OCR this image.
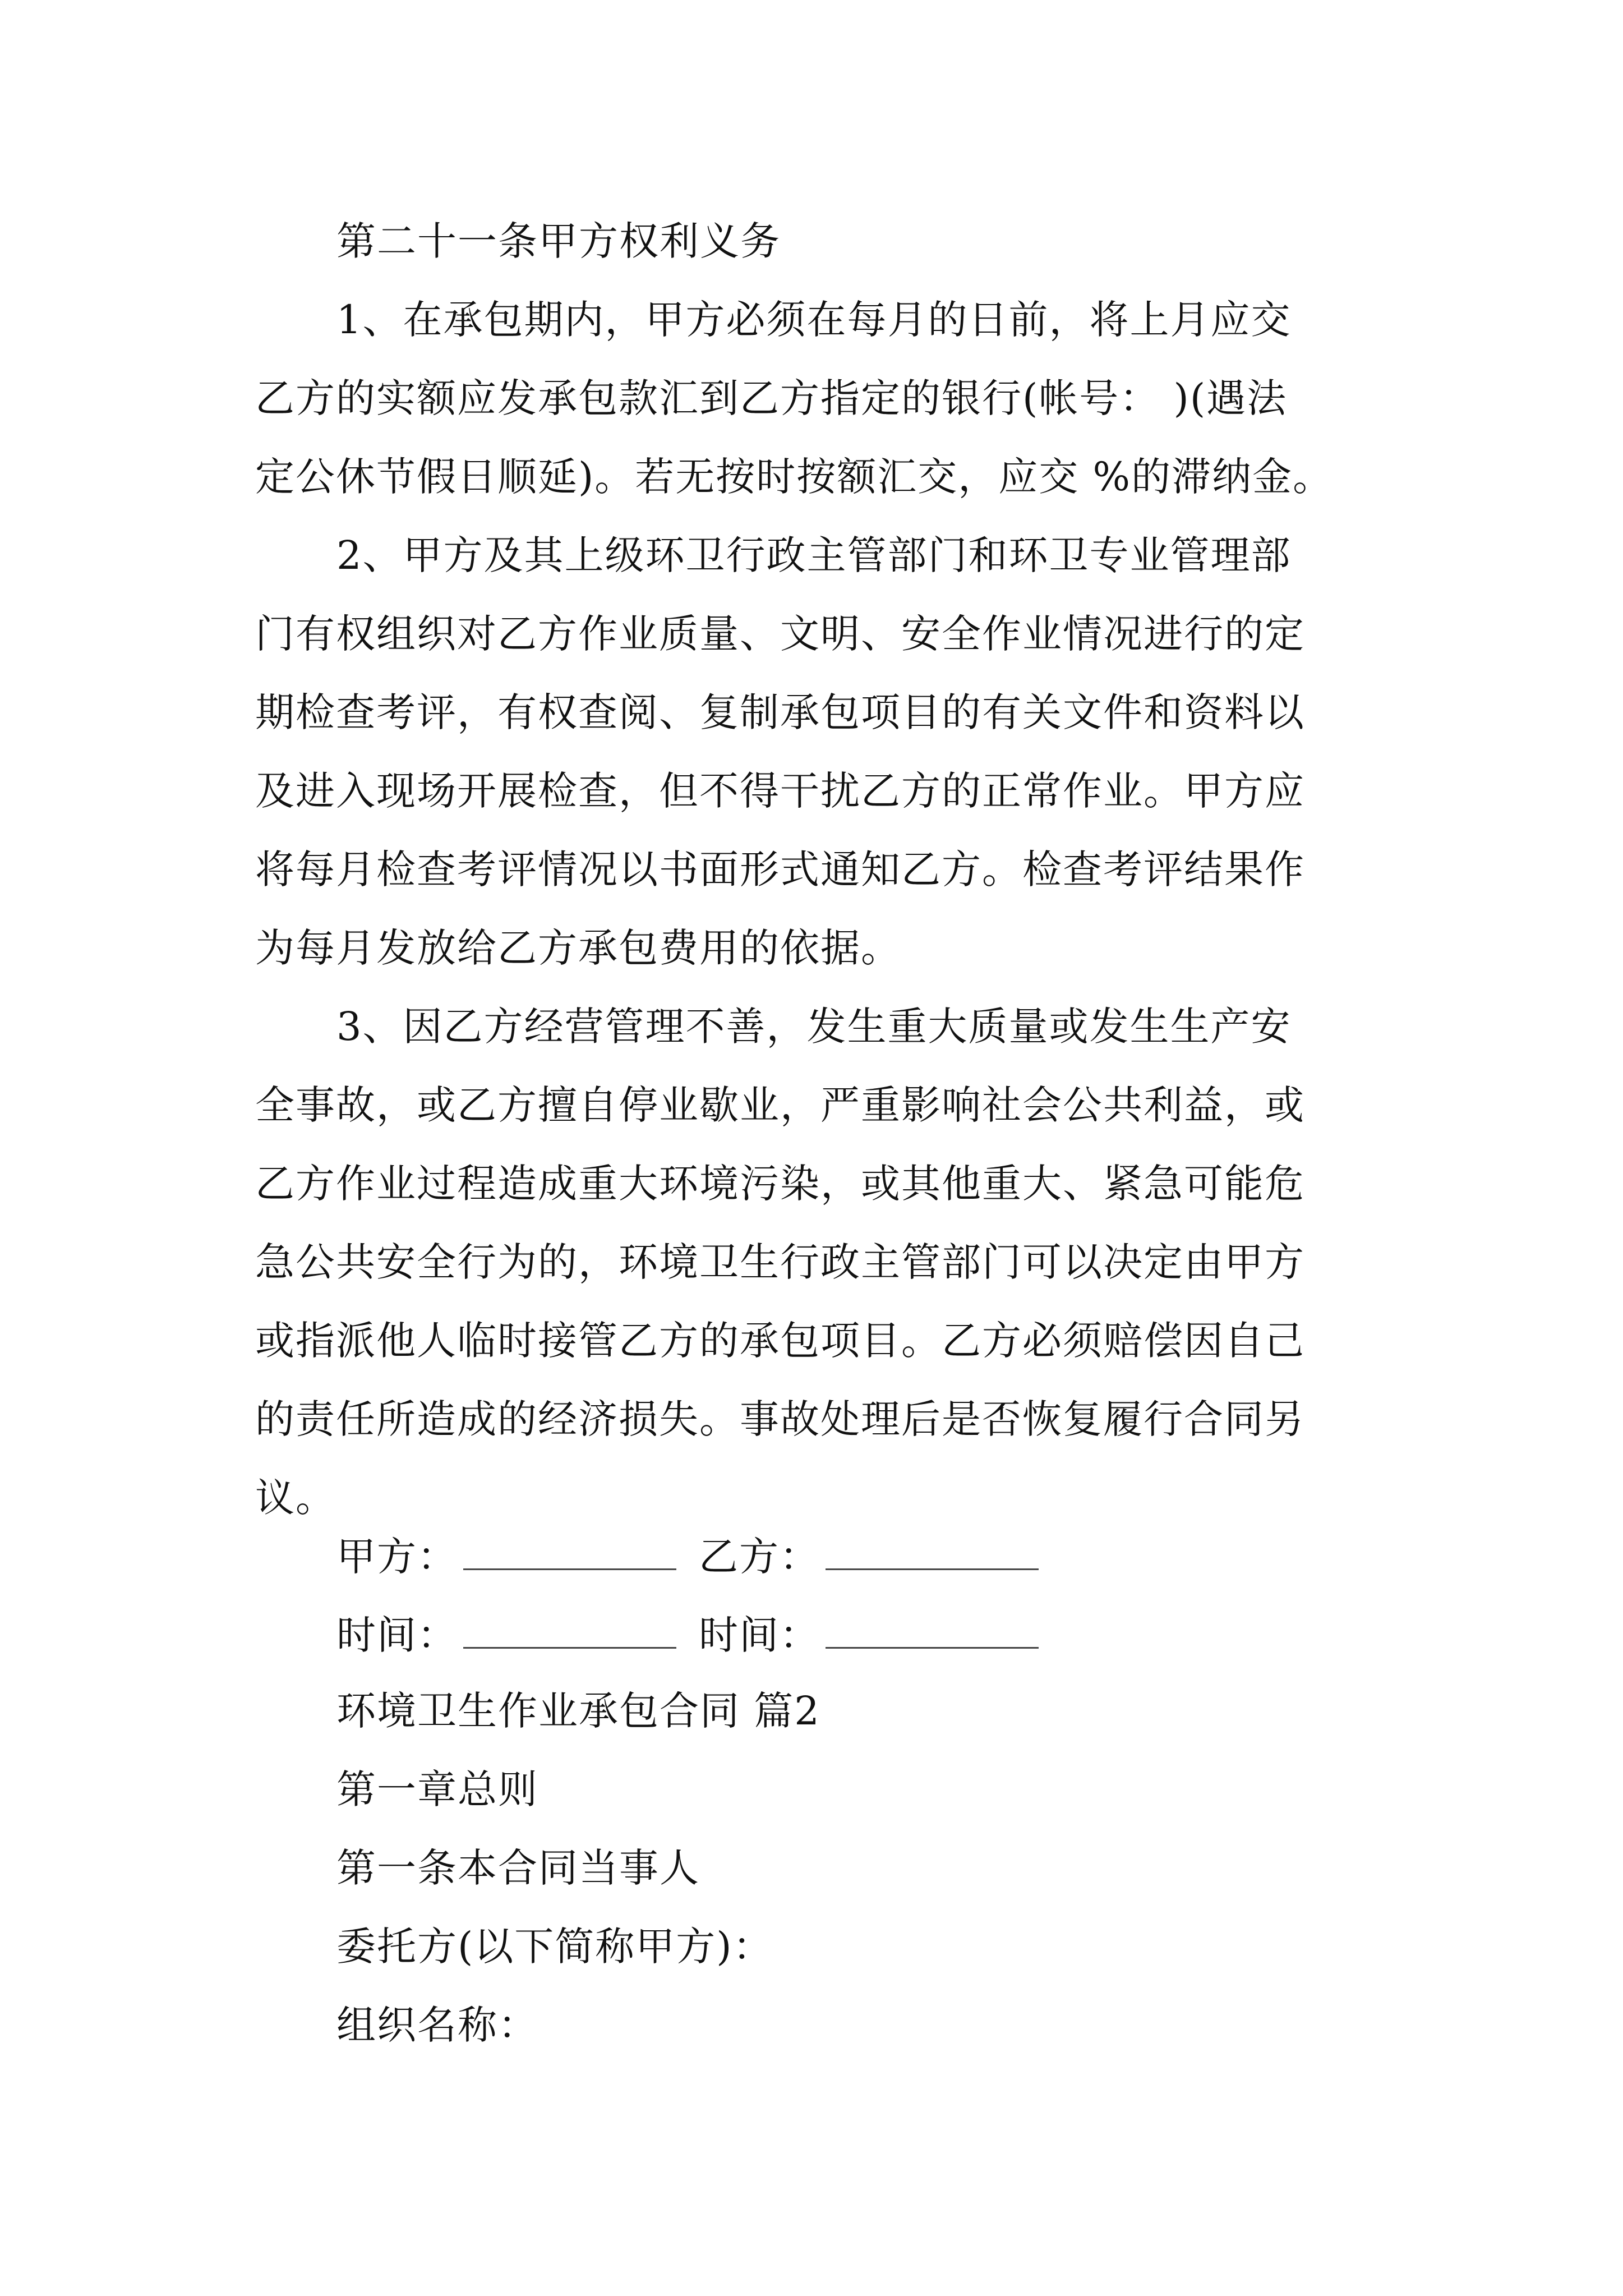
第二十一条甲方权利义务
1、在承包期内，甲方必须在每月的日前，将上月应交
乙方的实额应发承包款汇到乙方指定的银行(帐号： )(遇法
定公休节假日顺延)。若无按时按额汇交，应交 %的滞纳金。
2、甲方及其上级环卫行政主管部门和环卫专业管理部
门有权组织对乙方作业质量、文明、安全作业情况进行的定
期检查考评，有权查阅、复制承包项目的有关文件和资料以
及进入现场开展检查，但不得干扰乙方的正常作业。甲方应
将每月检查考评情况以书面形式通知乙方。检查考评结果作
为每月发放给乙方承包费用的依据。
3、因乙方经营管理不善，发生重大质量或发生生产安
全事故，或乙方擅自停业歇业，严重影响社会公共利益，或
乙方作业过程造成重大环境污染，或其他重大、紧急可能危
急公共安全行为的，环境卫生行政主管部门可以决定由甲方
或指派他人临时接管乙方的承包项目。乙方必须赔偿因自己
的责任所造成的经济损失。事故处理后是否恢复履行合同另
议。
甲方：	乙方：
时间：	时间：
环境卫生作业承包合同 篇2
第一章总则
第一条本合同当事人
委托方(以下简称甲方)：
组织名称：
